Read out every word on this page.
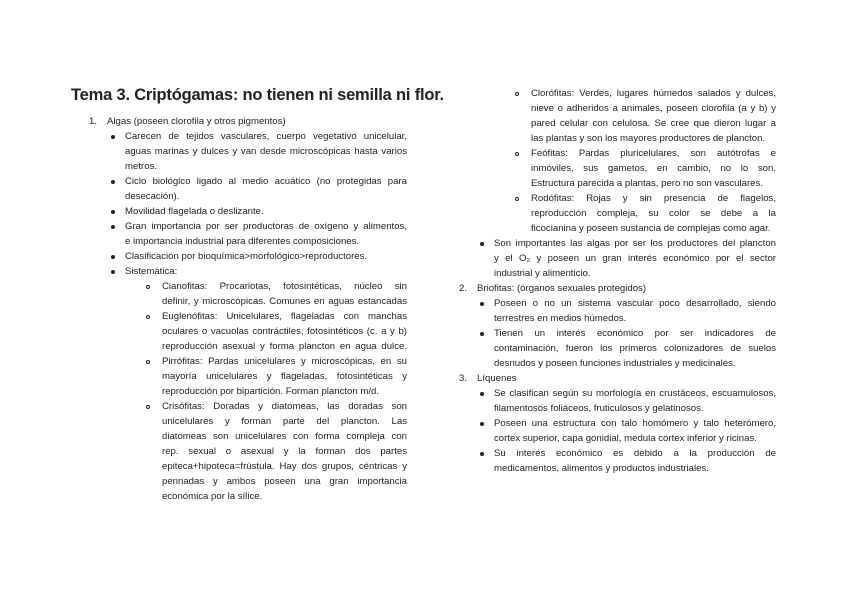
Tema 3. Criptógamas: no tienen ni semilla ni flor.
1. Algas (poseen clorofila y otros pigmentos)
Carecen de tejidos vasculares, cuerpo vegetativo unicelular,
aguas marinas y dulces y van desde microscópicas hasta varios
metros.
Ciclo biológico ligado al medio acuático (no protegidas para
desecación).
Movilidad flagelada o deslizante.
Gran importancia por ser productoras de oxígeno y alimentos,
e importancia industrial para diferentes composiciones.
Clasificación por bioquímica>morfológico>reproductores.
Sistemática:
Cianofitas: Procariotas, fotosintéticas, núcleo sin
definir, y microscópicas. Comunes en aguas estancadas
Euglenófitas: Unicelulares, flageladas con manchas
oculares o vacuolas contráctiles, fotosintéticos (c. a y b)
reproducción asexual y forma plancton en agua dulce.
Pirrófitas: Pardas unicelulares y microscópicas, en su
mayoría unicelulares y flageladas, fotosintéticas y
reproducción por bipartición. Forman plancton m/d.
Crisófitas: Doradas y diatomeas, las doradas son
unicelulares y forman parte del plancton. Las
diatomeas son unicelulares con forma compleja con
rep. sexual o asexual y la forman dos partes
epiteca+hipoteca=frústula. Hay dos grupos, céntricas y
pennadas y ambos poseen una gran importancia
económica por la sílice.
Clorófitas: Verdes, lugares húmedos salados y dulces,
nieve o adheridos a animales, poseen clorofila (a y b) y
pared celular con celulosa. Se cree que dieron lugar a
las plantas y son los mayores productores de plancton.
Feófitas: Pardas pluricelulares, son autótrofas e
inmóviles, sus gametos, en cambio, no lo son.
Estructura parecida a plantas, pero no son vasculares.
Rodófitas: Rojas y sin presencia de flagelos,
reproducción compleja, su color se debe a la
ficocianina y poseen sustancia de complejas como agar.
Son importantes las algas por ser los productores del plancton
y el O₂ y poseen un gran interés económico por el sector
industrial y alimenticio.
2. Briofitas: (órganos sexuales protegidos)
Poseen o no un sistema vascular poco desarrollado, siendo
terrestres en medios húmedos.
Tienen un interés económico por ser indicadores de
contaminación, fueron los primeros colonizadores de suelos
desnudos y poseen funciones industriales y medicinales.
3. Líquenes
Se clasifican según su morfología en crustáceos, escuamulosos,
filamentosos foliáceos, fruticulosos y gelatinosos.
Poseen una estructura con talo homómero y talo heterómero,
cortex superior, capa gonidial, medula cortex inferior y ricinas.
Su interés económico es debido a la producción de
medicamentos, alimentos y productos industriales.
